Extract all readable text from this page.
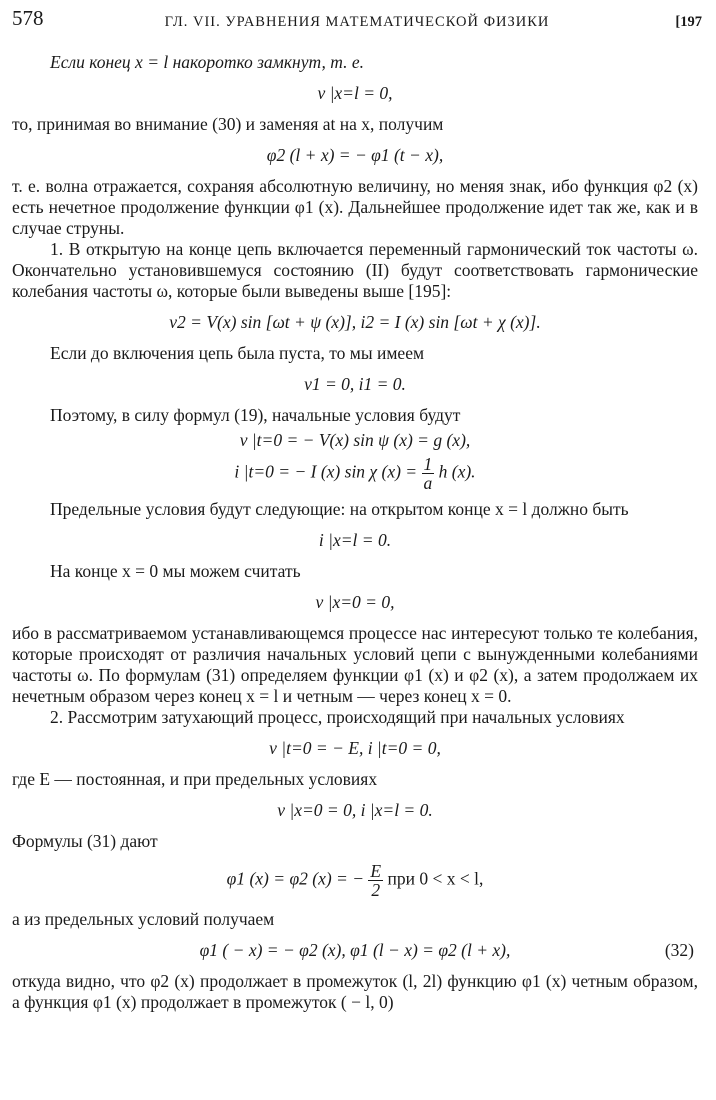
578	ГЛ. VII. УРАВНЕНИЯ МАТЕМАТИЧЕСКОЙ ФИЗИКИ	[197

Если конец x = l накоротко замкнут, т. е.

v |x=l = 0,

то, принимая во внимание (30) и заменяя at на x, получим

φ2 (l + x) = − φ1 (t − x),

т. е. волна отражается, сохраняя абсолютную величину, но меняя знак, ибо функция φ2 (x) есть нечетное продолжение функции φ1 (x). Дальнейшее продолжение идет так же, как и в случае струны.

1. В открытую на конце цепь включается переменный гармонический ток частоты ω. Окончательно установившемуся состоянию (II) будут соответствовать гармонические колебания частоты ω, которые были выведены выше [195]:

v2 = V(x) sin [ωt + ψ (x)], i2 = I (x) sin [ωt + χ (x)].

Если до включения цепь была пуста, то мы имеем

v1 = 0, i1 = 0.

Поэтому, в силу формул (19), начальные условия будут

v |t=0 = − V(x) sin ψ (x) = g (x),
i |t=0 = − I (x) sin χ $(x) = \frac{1}{a}$ h (x).

Предельные условия будут следующие: на открытом конце x = l должно быть

i |x=l = 0.

На конце x = 0 мы можем считать

v |x=0 = 0,

ибо в рассматриваемом устанавливающемся процессе нас интересуют только те колебания, которые происходят от различия начальных условий цепи с вынужденными колебаниями частоты ω. По формулам (31) определяем функции φ1 (x) и φ2 (x), а затем продолжаем их нечетным образом через конец x = l и четным — через конец x = 0.

2. Рассмотрим затухающий процесс, происходящий при начальных условиях

v |t=0 = − E, i |t=0 = 0,

где E — постоянная, и при предельных условиях

v |x=0 = 0, i |x=l = 0.

Формулы (31) дают

φ1 (x) = φ2 (x) = − $\frac{E}{2}$ при 0 < x < l,

а из предельных условий получаем

φ1 ( − x) = − φ2 (x), φ1 (l − x) = φ2 (l + x),	(32)

откуда видно, что φ2 (x) продолжает в промежуток (l, 2l) функцию φ1 (x) четным образом, а функция φ1 (x) продолжает в промежуток ( − l, 0)
